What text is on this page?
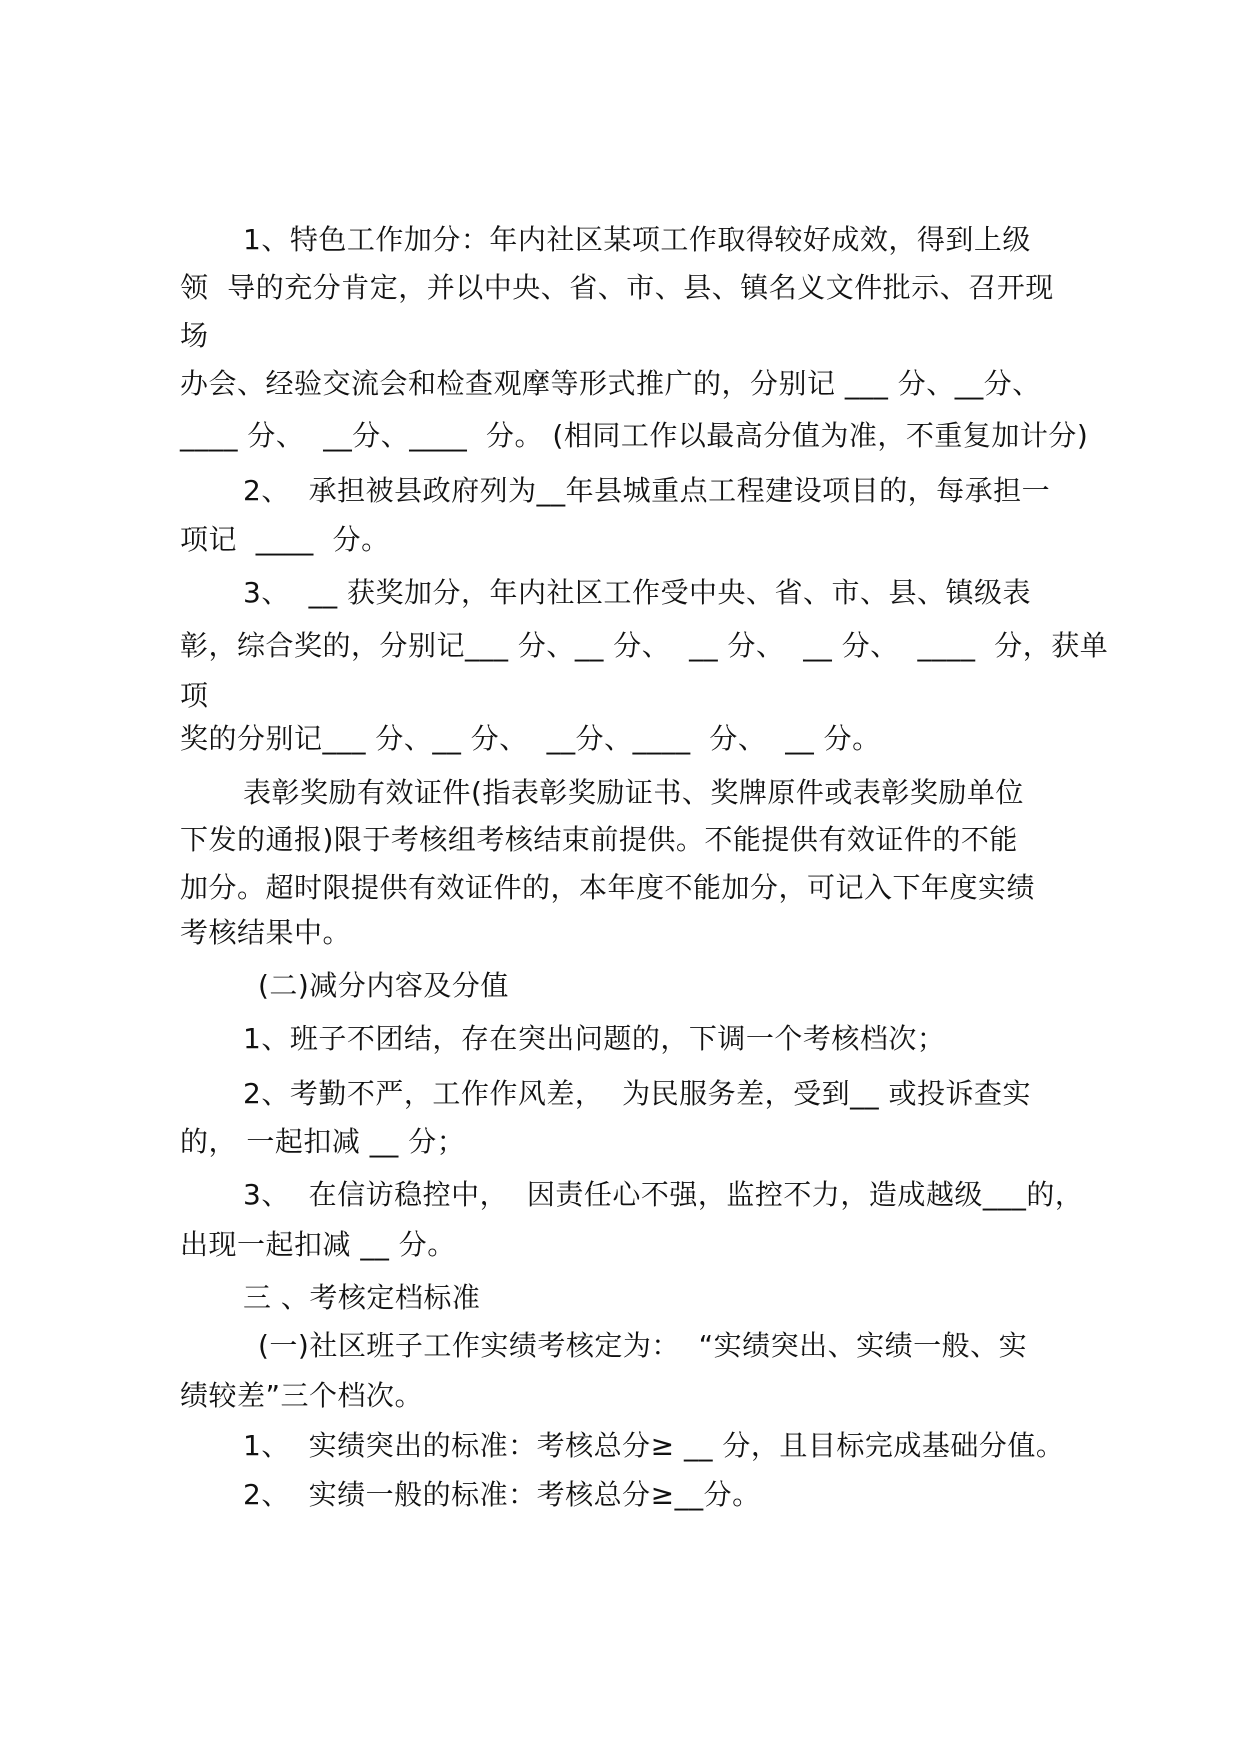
1、特色工作加分：年内社区某项工作取得较好成效，得到上级
领  导的充分肯定，并以中央、省、市、县、镇名义文件批示、召开现
场
办会、经验交流会和检查观摩等形式推广的，分别记 ___ 分、__分、
____ 分、  __分、____  分。 (相同工作以最高分值为准，不重复加计分)
2、  承担被县政府列为__年县城重点工程建设项目的，每承担一
项记  ____  分。
3、  __ 获奖加分，年内社区工作受中央、省、市、县、镇级表
彰，综合奖的，分别记___ 分、__ 分、  __ 分、  __ 分、  ____  分，获单
项
奖的分别记___ 分、__ 分、  __分、____  分、  __ 分。
表彰奖励有效证件(指表彰奖励证书、奖牌原件或表彰奖励单位
下发的通报)限于考核组考核结束前提供。不能提供有效证件的不能
加分。超时限提供有效证件的，本年度不能加分，可记入下年度实绩
考核结果中。
(二)减分内容及分值
1、班子不团结，存在突出问题的，下调一个考核档次；
2、考勤不严，工作作风差，  为民服务差，受到__ 或投诉查实
的， 一起扣减 __ 分；
3、  在信访稳控中，  因责任心不强，监控不力，造成越级___的，
出现一起扣减 __ 分。
三 、考核定档标准
(一)社区班子工作实绩考核定为：  “实绩突出、实绩一般、实
绩较差”三个档次。
1、  实绩突出的标准：考核总分≥ __ 分，且目标完成基础分值。
2、  实绩一般的标准：考核总分≥__分。
